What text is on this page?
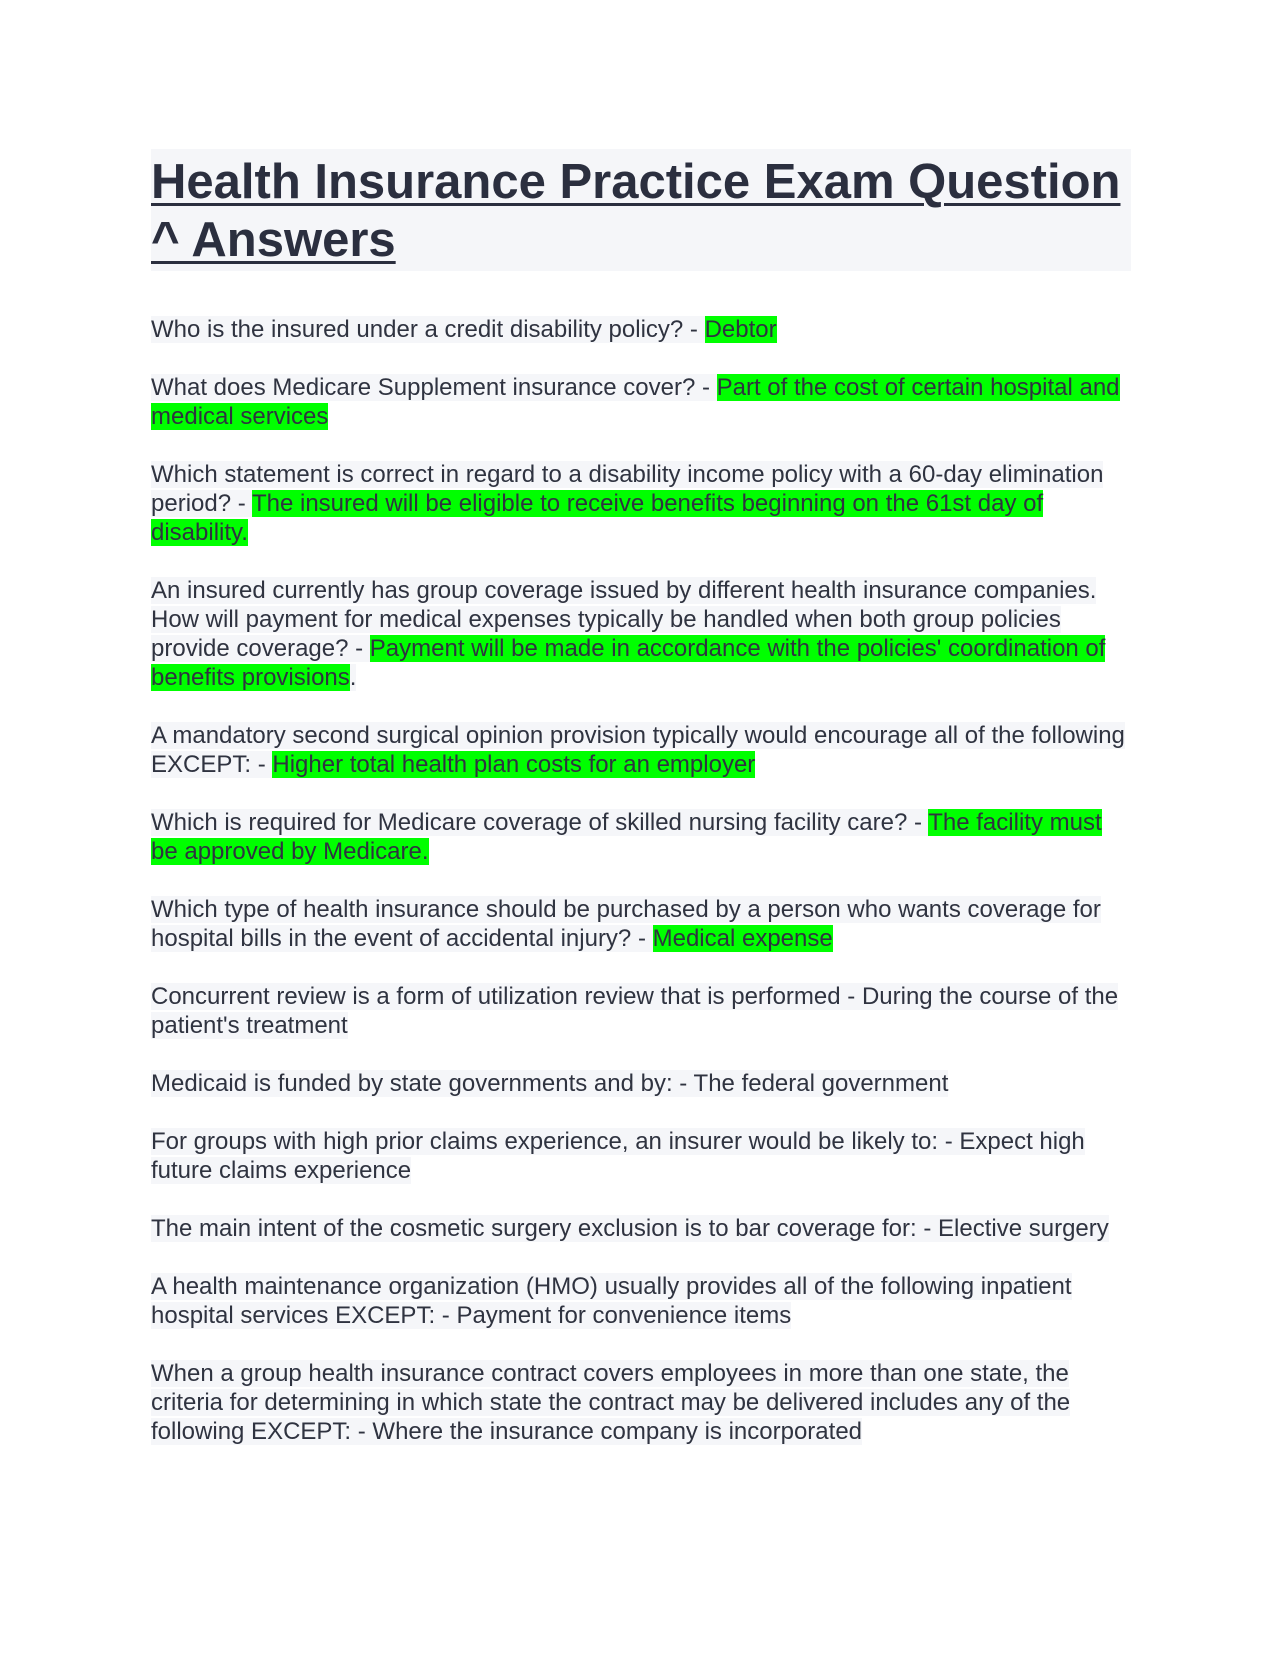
Health Insurance Practice Exam Question ^ Answers
Who is the insured under a credit disability policy? - Debtor
What does Medicare Supplement insurance cover? - Part of the cost of certain hospital and medical services
Which statement is correct in regard to a disability income policy with a 60-day elimination period? - The insured will be eligible to receive benefits beginning on the 61st day of disability.
An insured currently has group coverage issued by different health insurance companies. How will payment for medical expenses typically be handled when both group policies provide coverage? - Payment will be made in accordance with the policies' coordination of benefits provisions.
A mandatory second surgical opinion provision typically would encourage all of the following EXCEPT: - Higher total health plan costs for an employer
Which is required for Medicare coverage of skilled nursing facility care? - The facility must be approved by Medicare.
Which type of health insurance should be purchased by a person who wants coverage for hospital bills in the event of accidental injury? - Medical expense
Concurrent review is a form of utilization review that is performed - During the course of the patient's treatment
Medicaid is funded by state governments and by: - The federal government
For groups with high prior claims experience, an insurer would be likely to: - Expect high future claims experience
The main intent of the cosmetic surgery exclusion is to bar coverage for: - Elective surgery
A health maintenance organization (HMO) usually provides all of the following inpatient hospital services EXCEPT: - Payment for convenience items
When a group health insurance contract covers employees in more than one state, the criteria for determining in which state the contract may be delivered includes any of the following EXCEPT: - Where the insurance company is incorporated
